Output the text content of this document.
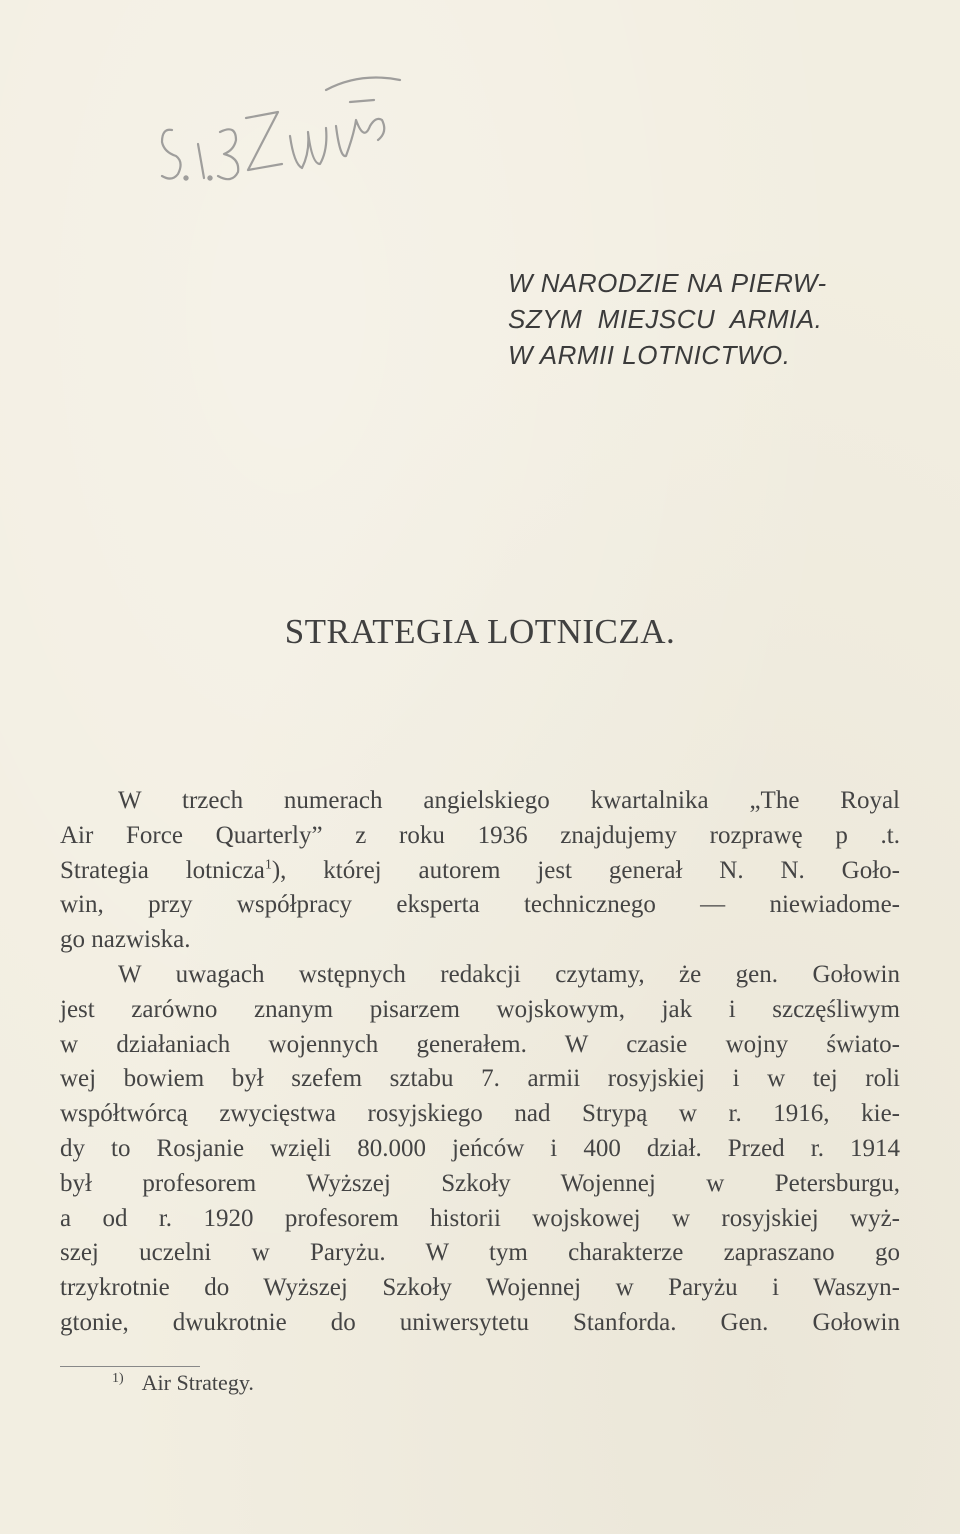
W NARODZIE NA PIERW-
SZYM  MIEJSCU  ARMIA.
W ARMII LOTNICTWO.
STRATEGIA LOTNICZA.

W trzech numerach angielskiego kwartalnika „The Royal
Air Force Quarterly” z roku 1936 znajdujemy rozprawę p .t.
Strategia lotnicza$^1$), której autorem jest generał N. N. Goło-
win, przy współpracy eksperta technicznego — niewiadome-
go nazwiska.

W uwagach wstępnych redakcji czytamy, że gen. Gołowin
jest zarówno znanym pisarzem wojskowym, jak i szczęśliwym
w działaniach wojennych generałem. W czasie wojny świato-
wej bowiem był szefem sztabu 7. armii rosyjskiej i w tej roli
współtwórcą zwycięstwa rosyjskiego nad Strypą w r. 1916, kie-
dy to Rosjanie wzięli 80.000 jeńców i 400 dział. Przed r. 1914
był profesorem Wyższej Szkoły Wojennej w Petersburgu,
a od r. 1920 profesorem historii wojskowej w rosyjskiej wyż-
szej uczelni w Paryżu. W tym charakterze zapraszano go
trzykrotnie do Wyższej Szkoły Wojennej w Paryżu i Waszyn-
gtonie, dwukrotnie do uniwersytetu Stanforda. Gen. Gołowin

$^{1)}$ Air Strategy.
